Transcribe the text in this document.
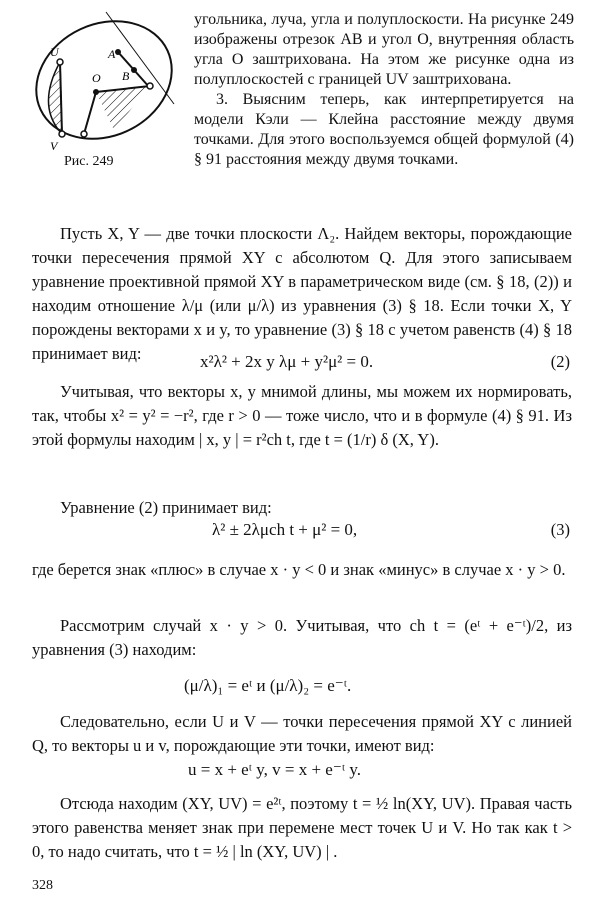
U	A
O B
V
Рис. 249

угольника, луча, угла и полуплоскости. На рисунке 249 изображены отрезок AB и угол O, внутренняя область угла O заштрихована. На этом же рисунке одна из полуплоскостей с границей UV заштрихована.

3. Выясним теперь, как интерпретируется на модели Кэли — Клейна расстояние между двумя точками. Для этого воспользуемся общей формулой (4) § 91 расстояния между двумя точками.

Пусть X, Y — две точки плоскости Λ₂. Найдем векторы, порождающие точки пересечения прямой XY с абсолютом Q. Для этого записываем уравнение проективной прямой XY в параметрическом виде (см. § 18, (2)) и находим отношение λ/μ (или μ/λ) из уравнения (3) § 18. Если точки X, Y порождены векторами x и y, то уравнение (3) § 18 с учетом равенств (4) § 18 принимает вид:	x²λ² + 2x y λμ + y²μ² = 0.	(2)

Учитывая, что векторы x, y мнимой длины, мы можем их нормировать, так, чтобы x² = y² = −r², где r > 0 — тоже число, что и в формуле (4) § 91. Из этой формулы находим | x, y | = r²ch t, где t = (1/r) δ (X, Y).

Уравнение (2) принимает вид:

λ² ± 2λμch t + μ² = 0,	(3)

где берется знак «плюс» в случае x · y < 0 и знак «минус» в случае x · y > 0.

Рассмотрим случай x · y > 0. Учитывая, что ch t = (eᵗ + e⁻ᵗ)/2, из уравнения (3) находим:

(μ/λ)₁ = eᵗ и (μ/λ)₂ = e⁻ᵗ.

Следовательно, если U и V — точки пересечения прямой XY с линией Q, то векторы u и v, порождающие эти точки, имеют вид:

u = x + eᵗ y, v = x + e⁻ᵗ y.

Отсюда находим (XY, UV) = e²ᵗ, поэтому t = ½ ln(XY, UV). Правая часть этого равенства меняет знак при перемене мест точек U и V. Но так как t > 0, то надо считать, что t = ½ | ln (XY, UV) | .

328
